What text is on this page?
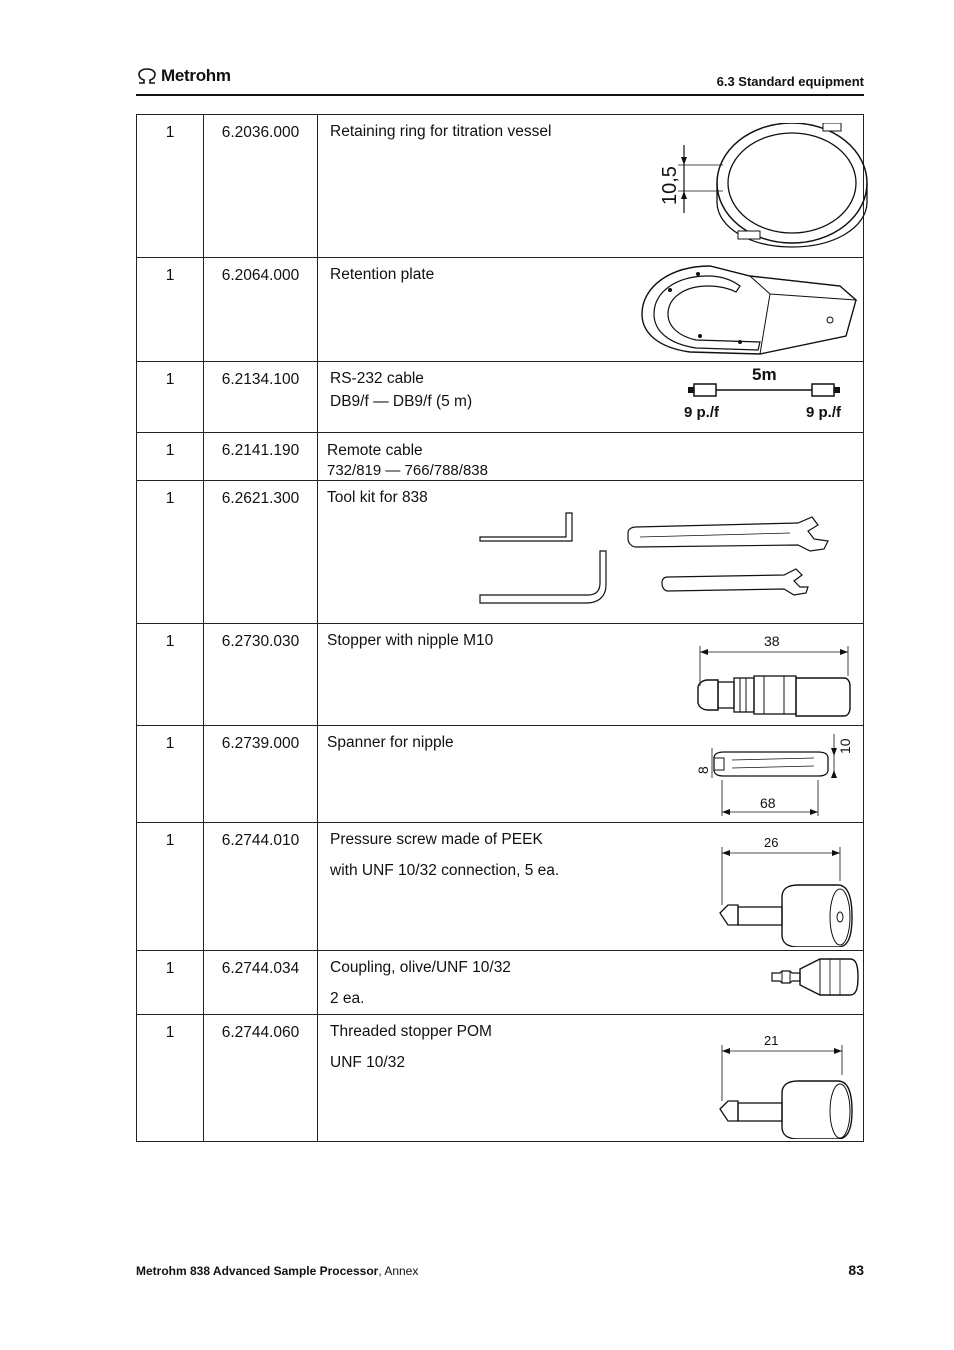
Metrohm	6.3 Standard equipment
1	6.2036.000	Retaining ring for titration vessel
10,5

1	6.2064.000	Retention plate

1	6.2134.100	RS-232 cable
DB9/f — DB9/f (5 m)
5m
9 p./f 9 p./f

1	6.2141.190	Remote cable
732/819 — 766/788/838

1	6.2621.300	Tool kit for 838

1	6.2730.030	Stopper with nipple M10 38

1	6.2739.000	Spanner for nipple 10
8
68

1	6.2744.010	Pressure screw made of PEEK
with UNF 10/32 connection, 5 ea.
26

1	6.2744.034	Coupling, olive/UNF 10/32
2 ea.

1	6.2744.060	Threaded stopper POM
UNF 10/32
21
Metrohm 838 Advanced Sample Processor, Annex	83
